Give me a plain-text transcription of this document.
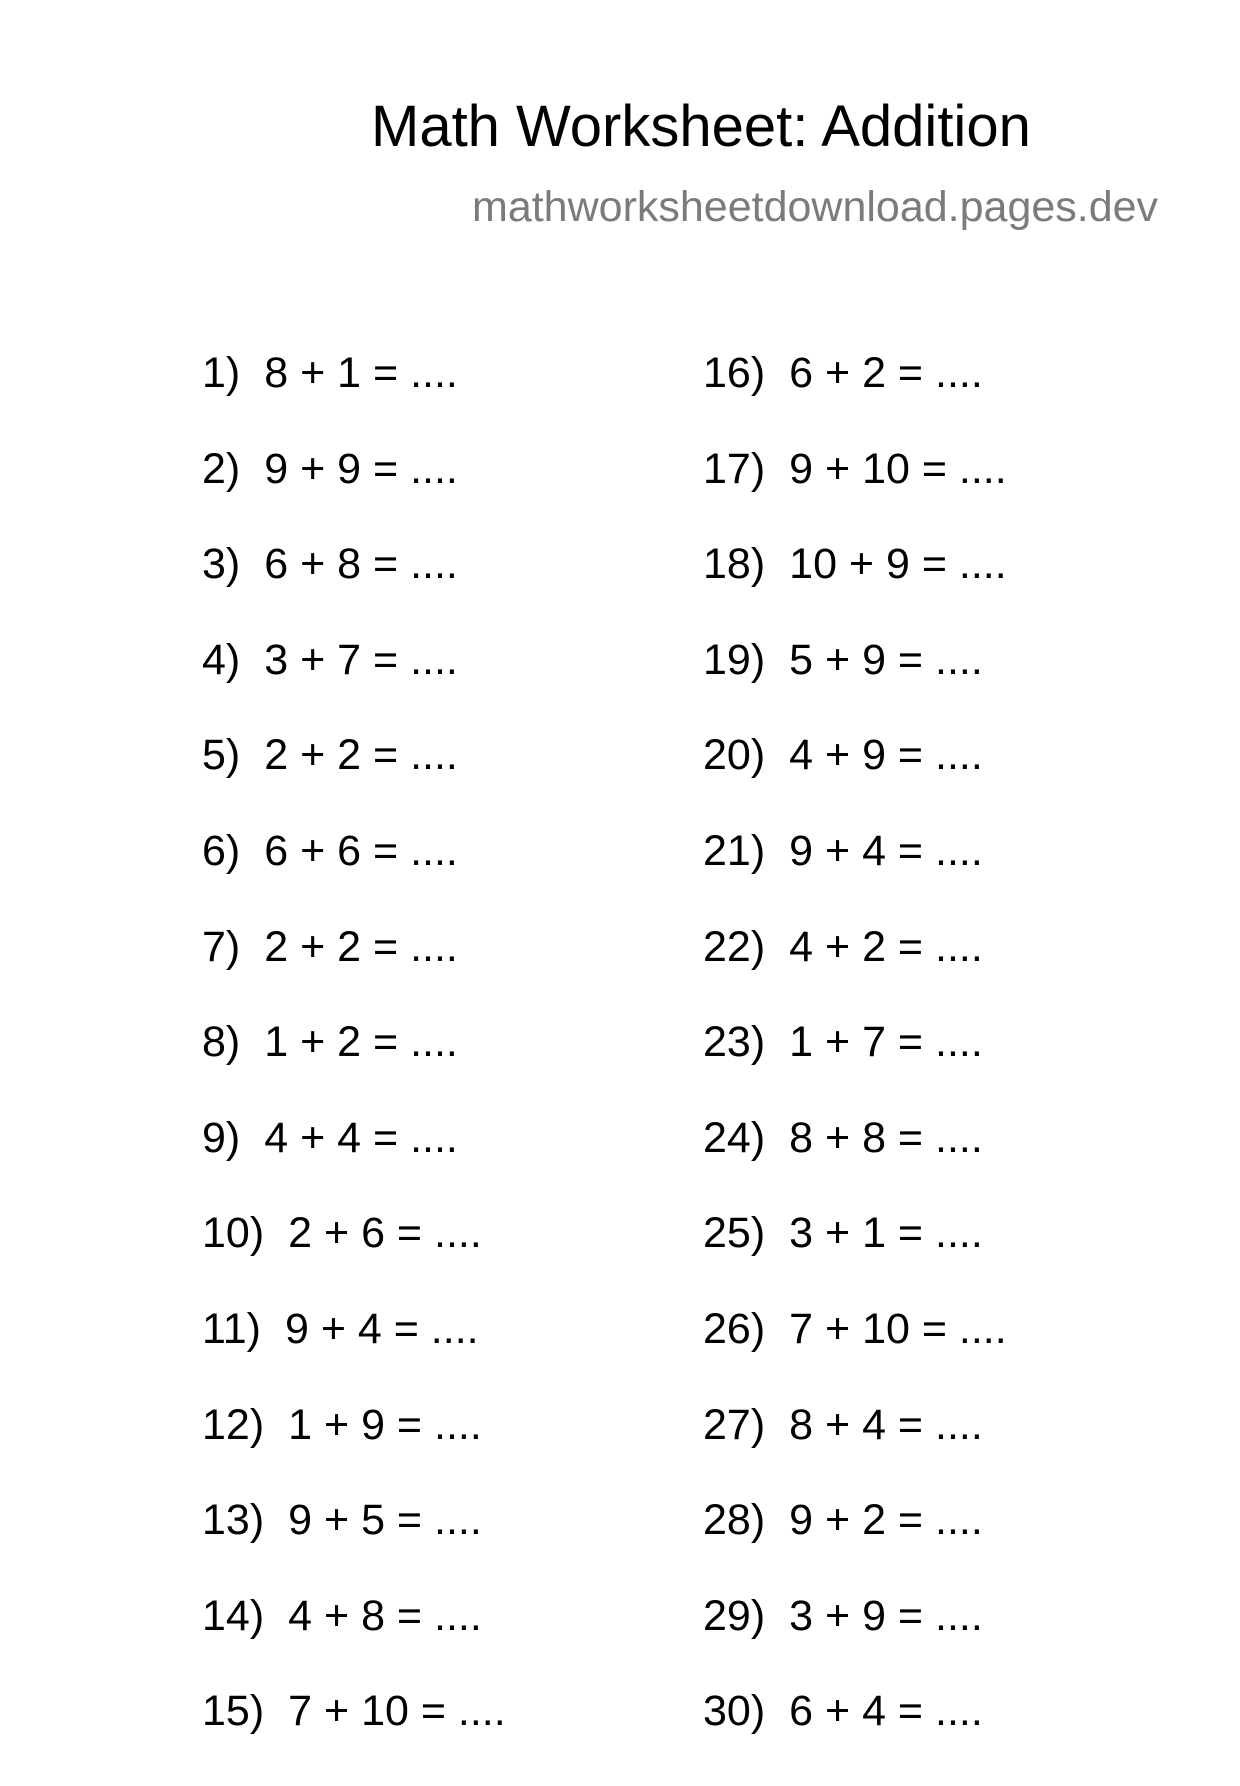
Math Worksheet: Addition
mathworksheetdownload.pages.dev
1) 8 + 1 = ....
2) 9 + 9 = ....
3) 6 + 8 = ....
4) 3 + 7 = ....
5) 2 + 2 = ....
6) 6 + 6 = ....
7) 2 + 2 = ....
8) 1 + 2 = ....
9) 4 + 4 = ....
10) 2 + 6 = ....
11) 9 + 4 = ....
12) 1 + 9 = ....
13) 9 + 5 = ....
14) 4 + 8 = ....
15) 7 + 10 = ....
16) 6 + 2 = ....
17) 9 + 10 = ....
18) 10 + 9 = ....
19) 5 + 9 = ....
20) 4 + 9 = ....
21) 9 + 4 = ....
22) 4 + 2 = ....
23) 1 + 7 = ....
24) 8 + 8 = ....
25) 3 + 1 = ....
26) 7 + 10 = ....
27) 8 + 4 = ....
28) 9 + 2 = ....
29) 3 + 9 = ....
30) 6 + 4 = ....
